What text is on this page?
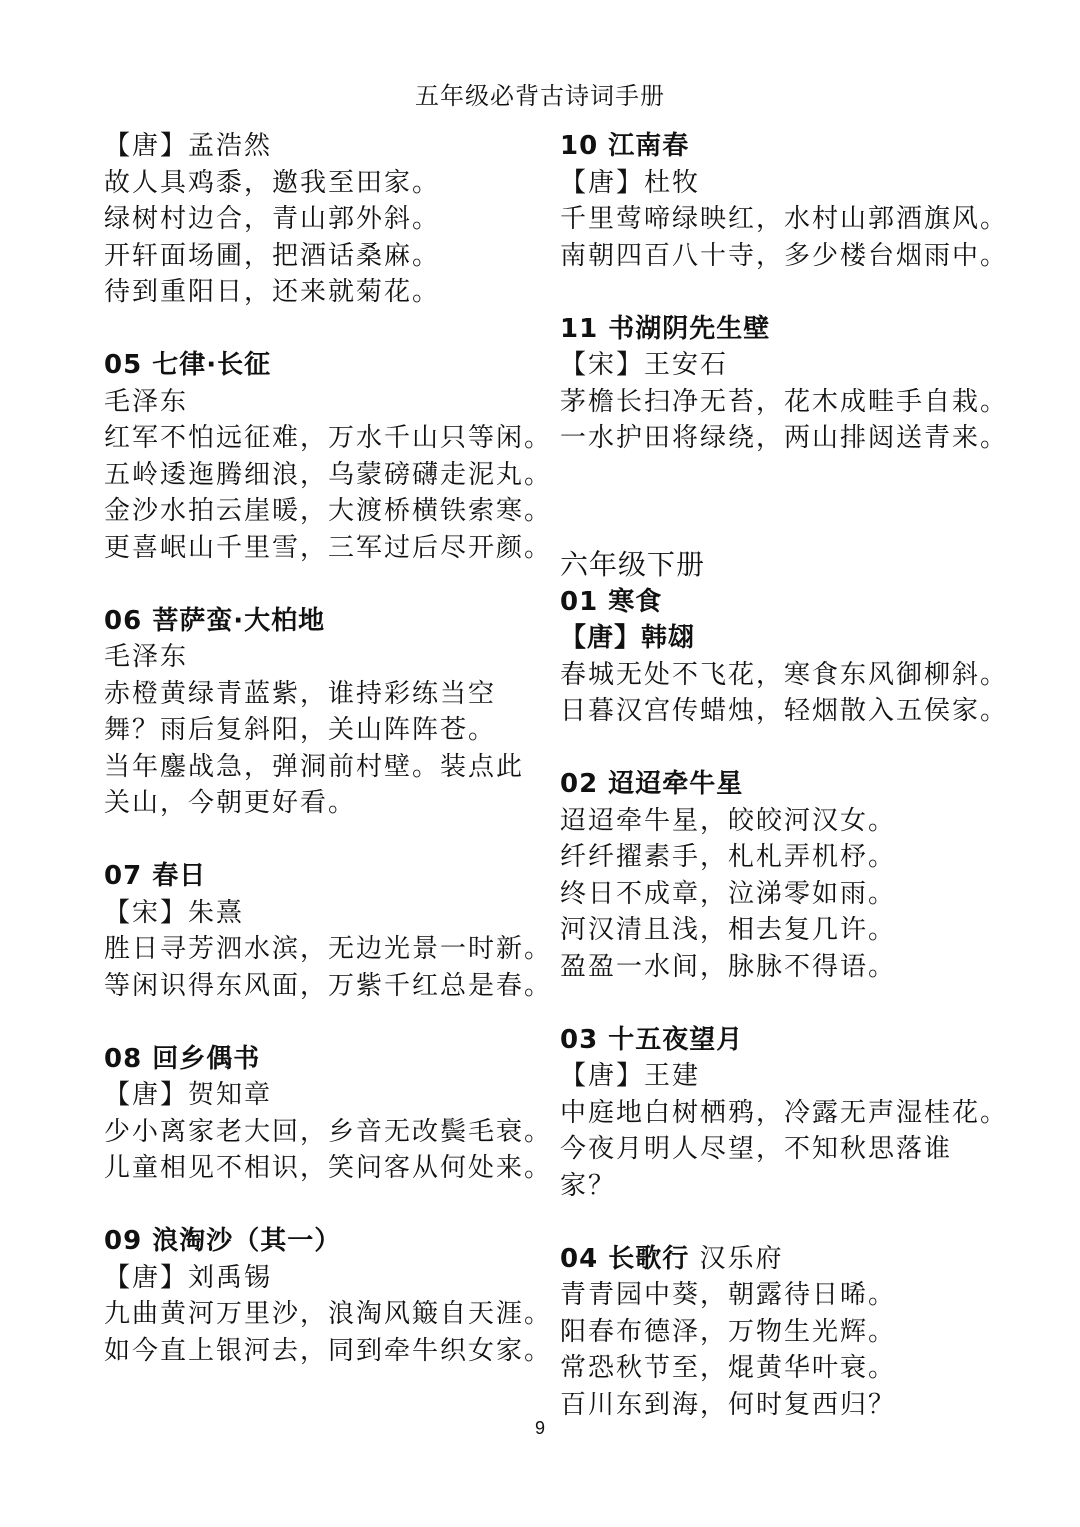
五年级必背古诗词手册
【唐】孟浩然
故人具鸡黍，邀我至田家。
绿树村边合，青山郭外斜。
开轩面场圃，把酒话桑麻。
待到重阳日，还来就菊花。
05 七律·长征
毛泽东
红军不怕远征难，万水千山只等闲。
五岭逶迤腾细浪，乌蒙磅礴走泥丸。
金沙水拍云崖暖，大渡桥横铁索寒。
更喜岷山千里雪，三军过后尽开颜。
06 菩萨蛮·大柏地
毛泽东
赤橙黄绿青蓝紫，谁持彩练当空
舞？雨后复斜阳，关山阵阵苍。
当年鏖战急，弹洞前村壁。装点此
关山，今朝更好看。
07 春日
【宋】朱熹
胜日寻芳泗水滨，无边光景一时新。
等闲识得东风面，万紫千红总是春。
08 回乡偶书
【唐】贺知章
少小离家老大回，乡音无改鬓毛衰。
儿童相见不相识，笑问客从何处来。
09 浪淘沙（其一）
【唐】刘禹锡
九曲黄河万里沙，浪淘风簸自天涯。
如今直上银河去，同到牵牛织女家。
10 江南春
【唐】杜牧
千里莺啼绿映红，水村山郭酒旗风。
南朝四百八十寺，多少楼台烟雨中。
11 书湖阴先生壁
【宋】王安石
茅檐长扫净无苔，花木成畦手自栽。
一水护田将绿绕，两山排闼送青来。
六年级下册
01 寒食
【唐】韩翃
春城无处不飞花，寒食东风御柳斜。
日暮汉宫传蜡烛，轻烟散入五侯家。
02 迢迢牵牛星
迢迢牵牛星，皎皎河汉女。
纤纤擢素手，札札弄机杼。
终日不成章，泣涕零如雨。
河汉清且浅，相去复几许。
盈盈一水间，脉脉不得语。
03 十五夜望月
【唐】王建
中庭地白树栖鸦，冷露无声湿桂花。
今夜月明人尽望，不知秋思落谁
家？
04 长歌行 汉乐府
青青园中葵，朝露待日晞。
阳春布德泽，万物生光辉。
常恐秋节至，焜黄华叶衰。
百川东到海，何时复西归？
9
